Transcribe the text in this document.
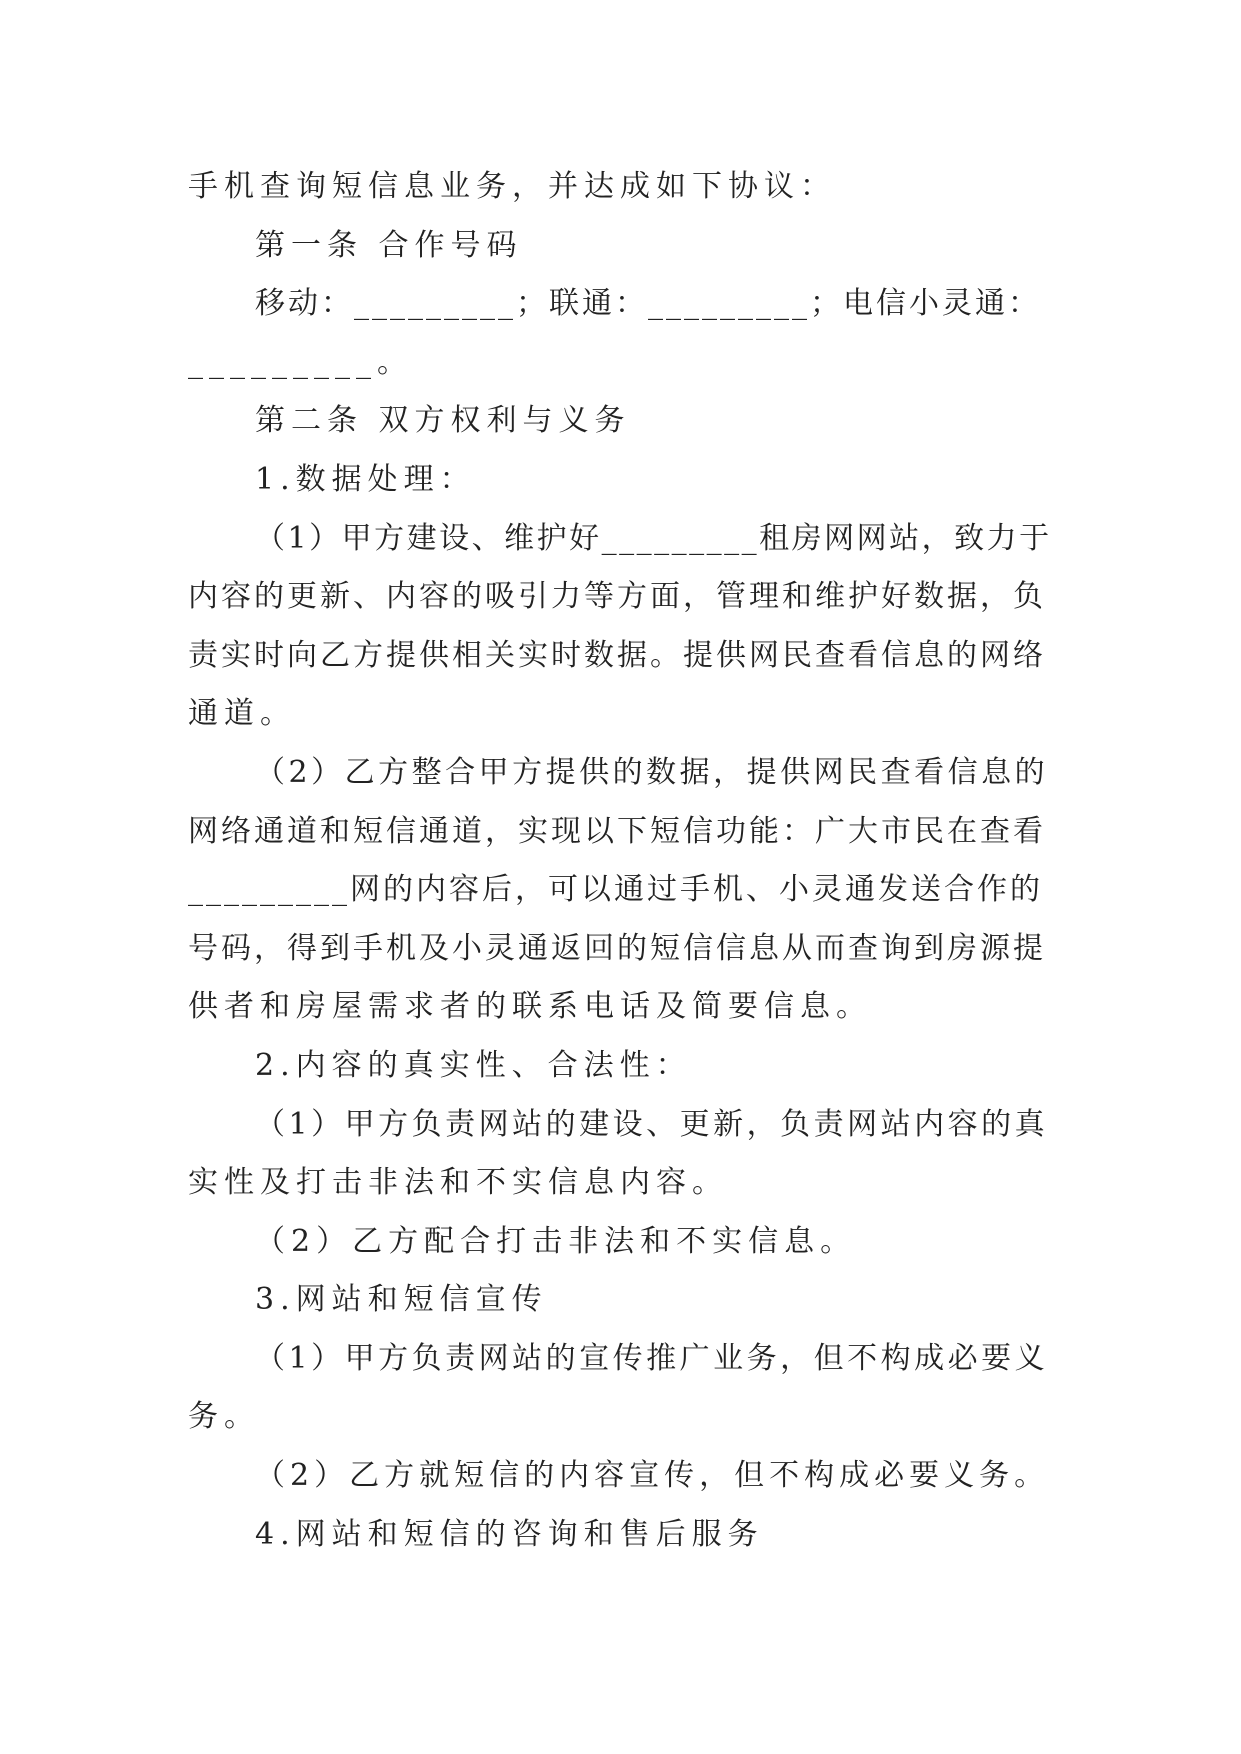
手机查询短信息业务，并达成如下协议：
第一条 合作号码
移动：_________；联通：_________；电信小灵通：
_________。
第二条 双方权利与义务
1.数据处理：
（1）甲方建设、维护好_________租房网网站，致力于
内容的更新、内容的吸引力等方面，管理和维护好数据，负
责实时向乙方提供相关实时数据。提供网民查看信息的网络
通道。
（2）乙方整合甲方提供的数据，提供网民查看信息的
网络通道和短信通道，实现以下短信功能：广大市民在查看
_________网的内容后，可以通过手机、小灵通发送合作的
号码，得到手机及小灵通返回的短信信息从而查询到房源提
供者和房屋需求者的联系电话及简要信息。
2.内容的真实性、合法性：
（1）甲方负责网站的建设、更新，负责网站内容的真
实性及打击非法和不实信息内容。
（2）乙方配合打击非法和不实信息。
3.网站和短信宣传
（1）甲方负责网站的宣传推广业务，但不构成必要义
务。
（2）乙方就短信的内容宣传，但不构成必要义务。
4.网站和短信的咨询和售后服务
